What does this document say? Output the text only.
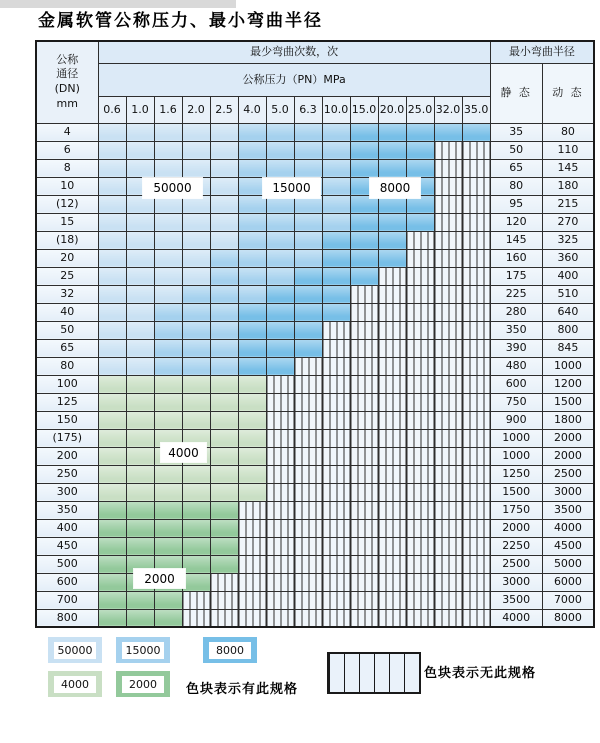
金属软管公称压力、最小弯曲半径
公称
通径
(DN)
mm	最少弯曲次数，次														最小弯曲半径	
	公称压力（PN）MPa														静 态	动 态
	0.6	1.0	1.6	2.0	2.5	4.0	5.0	6.3	10.0	15.0	20.0	25.0	32.0	35.0		
4															35	80
6															50	110
8															65	145
10															80	180
(12)															95	215
15															120	270
(18)															145	325
20															160	360
25															175	400
32															225	510
40															280	640
50															350	800
65															390	845
80															480	1000
100															600	1200
125															750	1500
150															900	1800
(175)															1000	2000
200															1000	2000
250															1250	2500
300															1500	3000
350															1750	3500
400															2000	4000
450															2250	4500
500															2500	5000
600															3000	6000
700															3500	7000
800															4000	8000
50000	15000	8000
4000	2000	色块表示有此规格
色块表示无此规格
50000	15000	8000
4000
2000
